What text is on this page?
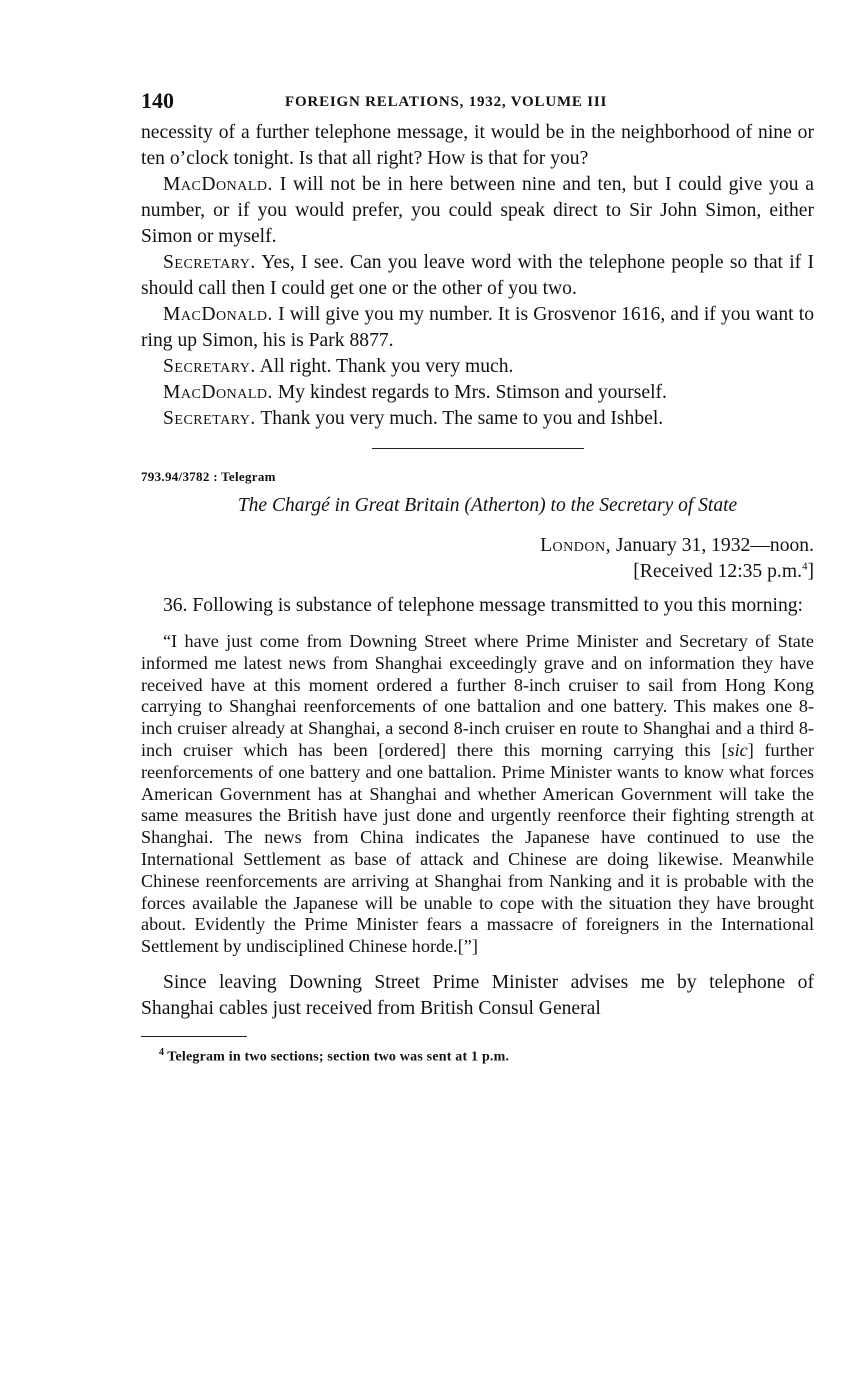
140	FOREIGN RELATIONS, 1932, VOLUME III

necessity of a further telephone message, it would be in the neighborhood of nine or ten o’clock tonight. Is that all right? How is that for you?

MacDonald. I will not be in here between nine and ten, but I could give you a number, or if you would prefer, you could speak direct to Sir John Simon, either Simon or myself.

Secretary. Yes, I see. Can you leave word with the telephone people so that if I should call then I could get one or the other of you two.

MacDonald. I will give you my number. It is Grosvenor 1616, and if you want to ring up Simon, his is Park 8877.

Secretary. All right. Thank you very much.

MacDonald. My kindest regards to Mrs. Stimson and yourself.

Secretary. Thank you very much. The same to you and Ishbel.

793.94/3782 : Telegram
The Chargé in Great Britain (Atherton) to the Secretary of State
London, January 31, 1932—noon.
[Received 12:35 p.m.$^4$]

36. Following is substance of telephone message transmitted to you this morning:

“I have just come from Downing Street where Prime Minister and Secretary of State informed me latest news from Shanghai exceedingly grave and on information they have received have at this moment ordered a further 8-inch cruiser to sail from Hong Kong carrying to Shanghai reenforcements of one battalion and one battery. This makes one 8-inch cruiser already at Shanghai, a second 8-inch cruiser en route to Shanghai and a third 8-inch cruiser which has been [ordered] there this morning carrying this [sic] further reenforcements of one battery and one battalion. Prime Minister wants to know what forces American Government has at Shanghai and whether American Government will take the same measures the British have just done and urgently reenforce their fighting strength at Shanghai. The news from China indicates the Japanese have continued to use the International Settlement as base of attack and Chinese are doing likewise. Meanwhile Chinese reenforcements are arriving at Shanghai from Nanking and it is probable with the forces available the Japanese will be unable to cope with the situation they have brought about. Evidently the Prime Minister fears a massacre of foreigners in the International Settlement by undisciplined Chinese horde.[”]

Since leaving Downing Street Prime Minister advises me by telephone of Shanghai cables just received from British Consul General

$^4$ Telegram in two sections; section two was sent at 1 p.m.
